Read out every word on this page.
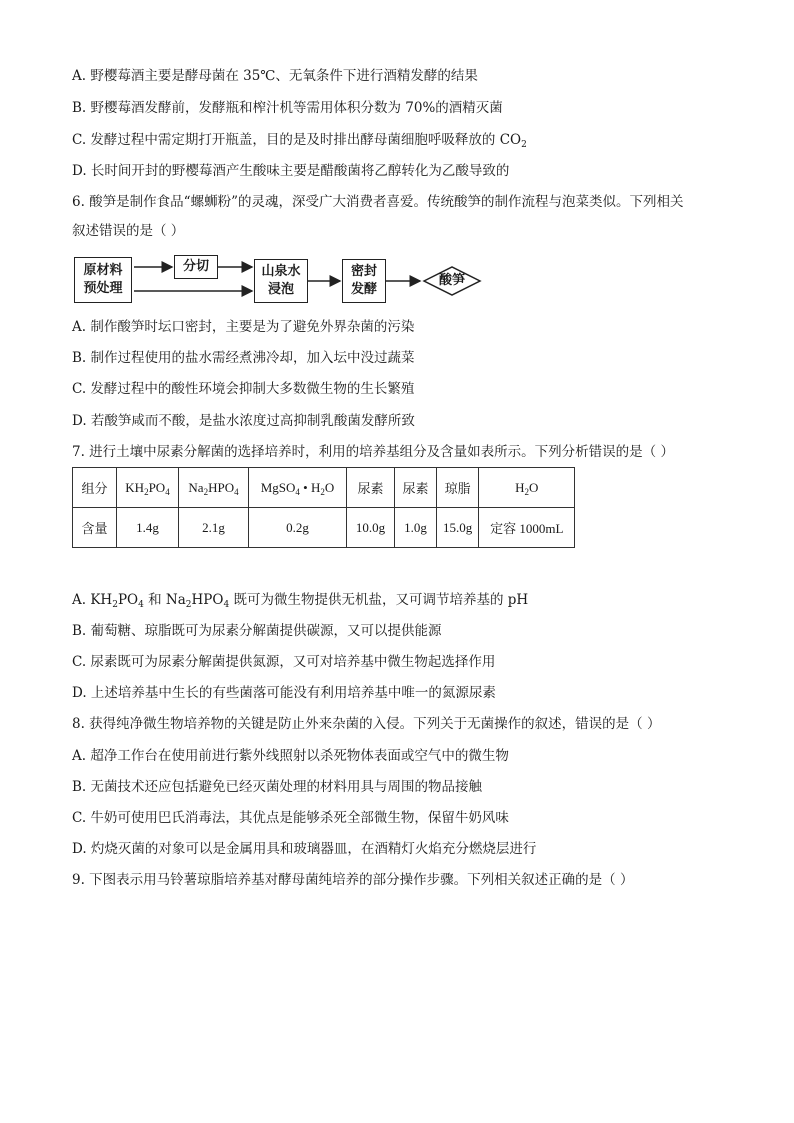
A. 野樱莓酒主要是酵母菌在 35℃、无氧条件下进行酒精发酵的结果
B. 野樱莓酒发酵前，发酵瓶和榨汁机等需用体积分数为 70%的酒精灭菌
C. 发酵过程中需定期打开瓶盖，目的是及时排出酵母菌细胞呼吸释放的 $CO_2$
D. 长时间开封的野樱莓酒产生酸味主要是醋酸菌将乙醇转化为乙酸导致的
6. 酸笋是制作食品“螺蛳粉”的灵魂，深受广大消费者喜爱。传统酸笋的制作流程与泡菜类似。下列相关
叙述错误的是（ ）
原材料
预处理
分切	山泉水
浸泡
密封
发酵
酸笋
A. 制作酸笋时坛口密封，主要是为了避免外界杂菌的污染
B. 制作过程使用的盐水需经煮沸冷却，加入坛中没过蔬菜
C. 发酵过程中的酸性环境会抑制大多数微生物的生长繁殖
D. 若酸笋咸而不酸，是盐水浓度过高抑制乳酸菌发酵所致
7. 进行土壤中尿素分解菌的选择培养时，利用的培养基组分及含量如表所示。下列分析错误的是（ ）
组分	$KH_2PO_4$	$Na_2HPO_4$	MgSO$_4$ • $H_2O$	尿素	尿素	琼脂	$H_2O$
含量	1.4g	2.1g	0.2g	10.0g	1.0g	15.0g	定容 1000mL
A. $KH_2PO_4$ 和 $Na_2HPO_4$ 既可为微生物提供无机盐，又可调节培养基的 pH
B. 葡萄糖、琼脂既可为尿素分解菌提供碳源，又可以提供能源
C. 尿素既可为尿素分解菌提供氮源，又可对培养基中微生物起选择作用
D. 上述培养基中生长的有些菌落可能没有利用培养基中唯一的氮源尿素
8. 获得纯净微生物培养物的关键是防止外来杂菌的入侵。下列关于无菌操作的叙述，错误的是（ ）
A. 超净工作台在使用前进行紫外线照射以杀死物体表面或空气中的微生物
B. 无菌技术还应包括避免已经灭菌处理的材料用具与周围的物品接触
C. 牛奶可使用巴氏消毒法，其优点是能够杀死全部微生物，保留牛奶风味
D. 灼烧灭菌的对象可以是金属用具和玻璃器皿，在酒精灯火焰充分燃烧层进行
9. 下图表示用马铃薯琼脂培养基对酵母菌纯培养的部分操作步骤。下列相关叙述正确的是（ ）
